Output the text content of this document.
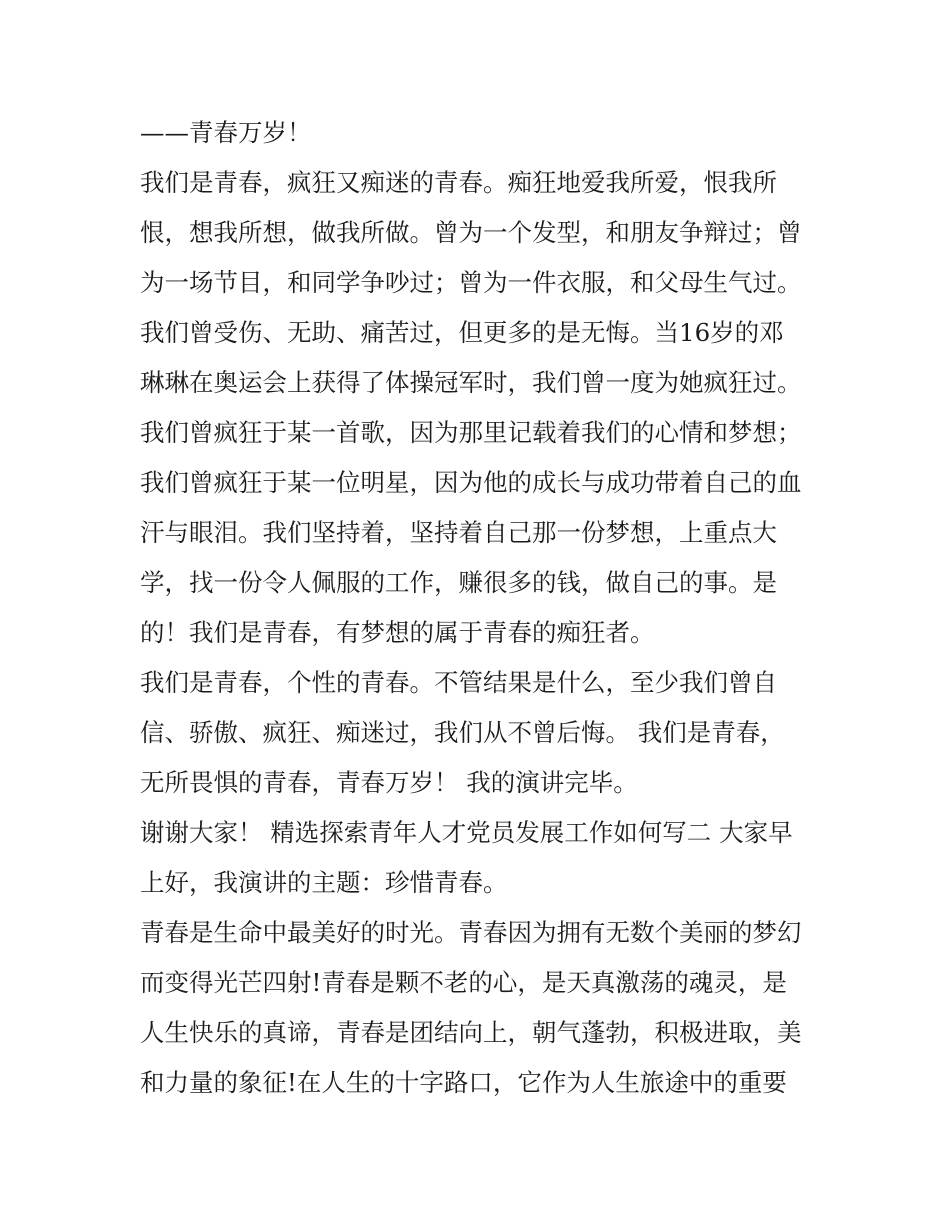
——青春万岁！
我们是青春，疯狂又痴迷的青春。痴狂地爱我所爱，恨我所
恨，想我所想，做我所做。曾为一个发型，和朋友争辩过；曾
为一场节目，和同学争吵过；曾为一件衣服，和父母生气过。
我们曾受伤、无助、痛苦过，但更多的是无悔。当16岁的邓
琳琳在奥运会上获得了体操冠军时，我们曾一度为她疯狂过。
我们曾疯狂于某一首歌，因为那里记载着我们的心情和梦想；
我们曾疯狂于某一位明星，因为他的成长与成功带着自己的血
汗与眼泪。我们坚持着，坚持着自己那一份梦想，上重点大
学，找一份令人佩服的工作，赚很多的钱，做自己的事。是
的！我们是青春，有梦想的属于青春的痴狂者。
我们是青春，个性的青春。不管结果是什么，至少我们曾自
信、骄傲、疯狂、痴迷过，我们从不曾后悔。 我们是青春，
无所畏惧的青春，青春万岁！ 我的演讲完毕。
谢谢大家！ 精选探索青年人才党员发展工作如何写二 大家早
上好，我演讲的主题：珍惜青春。
青春是生命中最美好的时光。青春因为拥有无数个美丽的梦幻
而变得光芒四射!青春是颗不老的心，是天真激荡的魂灵，是
人生快乐的真谛，青春是团结向上，朝气蓬勃，积极进取，美
和力量的象征!在人生的十字路口，它作为人生旅途中的重要
